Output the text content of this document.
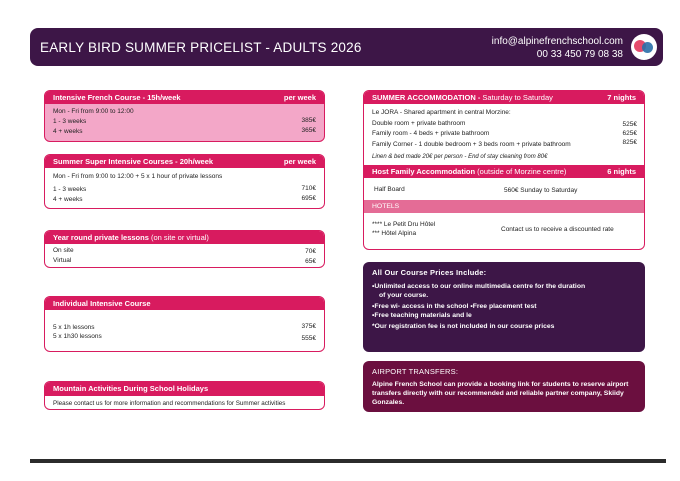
EARLY BIRD SUMMER PRICELIST - ADULTS 2026	info@alpinefrenchschool.com
00 33 450 79 08 38
Intensive French Course - 15h/week	per week
Mon - Fri from 9:00 to 12:00
1 - 3 weeks	385€
4 + weeks	365€
Summer Super Intensive Courses - 20h/week	per week
Mon - Fri from 9:00 to 12:00 + 5 x 1 hour of private lessons
1 - 3 weeks	710€
4 + weeks	695€
Year round private lessons (on site or virtual)
On site	70€
Virtual	65€
Individual Intensive Course
5 x 1h lessons	375€
5 x 1h30 lessons	555€
Mountain Activities During School Holidays
Please contact us for more information and recommendations for Summer activities
SUMMER ACCOMMODATION - Saturday to Saturday	7 nights
Le JORA - Shared apartment in central Morzine:
Double room + private bathroom	525€
Family room - 4 beds + private bathroom	625€
Family Corner - 1 double bedroom + 3 beds room + private bathroom	825€
Linen & bed made 20€ per person - End of stay cleaning from 80€
Host Family Accommodation (outside of Morzine centre)	6 nights
Half Board	560€ Sunday to Saturday
HOTELS
**** Le Petit Dru Hôtel
*** Hôtel Alpina
Contact us to receive a discounted rate
All Our Course Prices Include:
•Unlimited access to our online multimedia centre for the duration
of your course.
•Free wi- access in the school •Free placement test
•Free teaching materials and le
*Our registration fee is not included in our course prices
AIRPORT TRANSFERS:
Alpine French School can provide a booking link for students to reserve airport transfers directly with our recommended and reliable partner company, Skiidy Gonzales.
